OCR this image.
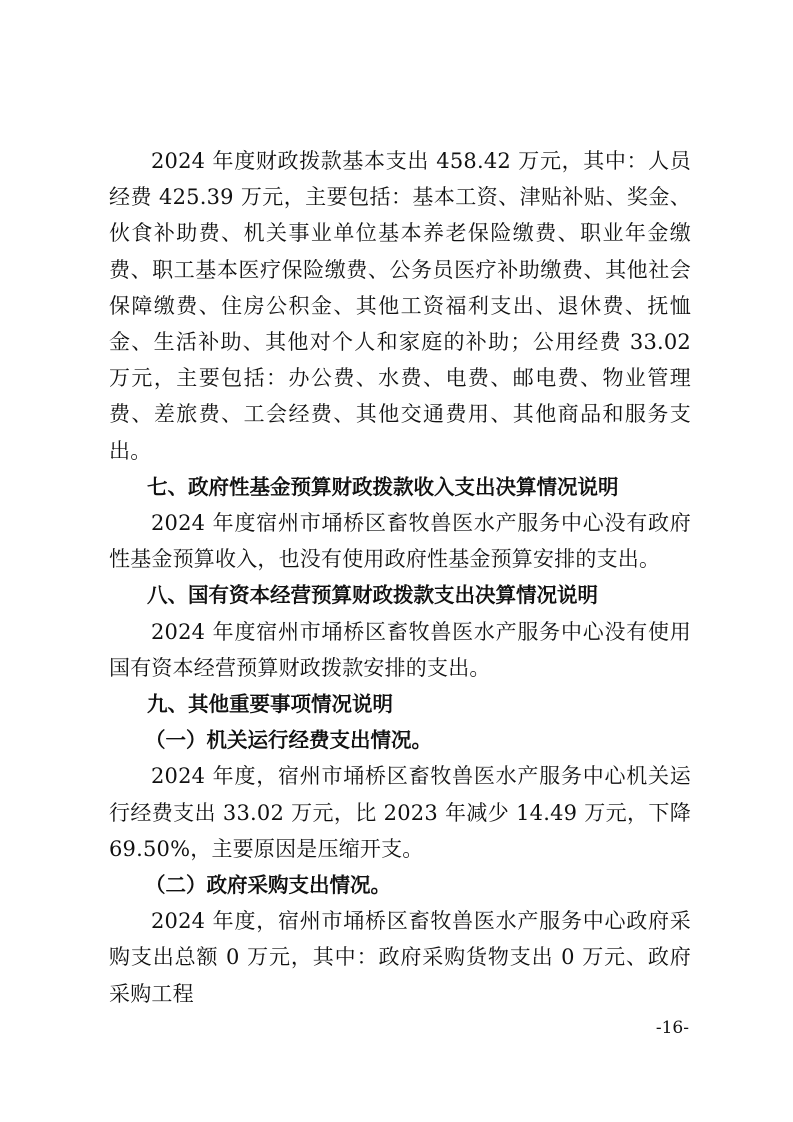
2024 年度财政拨款基本支出 458.42 万元，其中：人员经费 425.39 万元，主要包括：基本工资、津贴补贴、奖金、伙食补助费、机关事业单位基本养老保险缴费、职业年金缴费、职工基本医疗保险缴费、公务员医疗补助缴费、其他社会保障缴费、住房公积金、其他工资福利支出、退休费、抚恤金、生活补助、其他对个人和家庭的补助；公用经费 33.02 万元，主要包括：办公费、水费、电费、邮电费、物业管理费、差旅费、工会经费、其他交通费用、其他商品和服务支出。

七、政府性基金预算财政拨款收入支出决算情况说明

2024 年度宿州市埇桥区畜牧兽医水产服务中心没有政府性基金预算收入，也没有使用政府性基金预算安排的支出。

八、国有资本经营预算财政拨款支出决算情况说明

2024 年度宿州市埇桥区畜牧兽医水产服务中心没有使用国有资本经营预算财政拨款安排的支出。

九、其他重要事项情况说明

（一）机关运行经费支出情况。

2024 年度，宿州市埇桥区畜牧兽医水产服务中心机关运行经费支出 33.02 万元，比 2023 年减少 14.49 万元，下降 69.50%，主要原因是压缩开支。

（二）政府采购支出情况。

2024 年度，宿州市埇桥区畜牧兽医水产服务中心政府采购支出总额 0 万元，其中：政府采购货物支出 0 万元、政府采购工程

-16-
